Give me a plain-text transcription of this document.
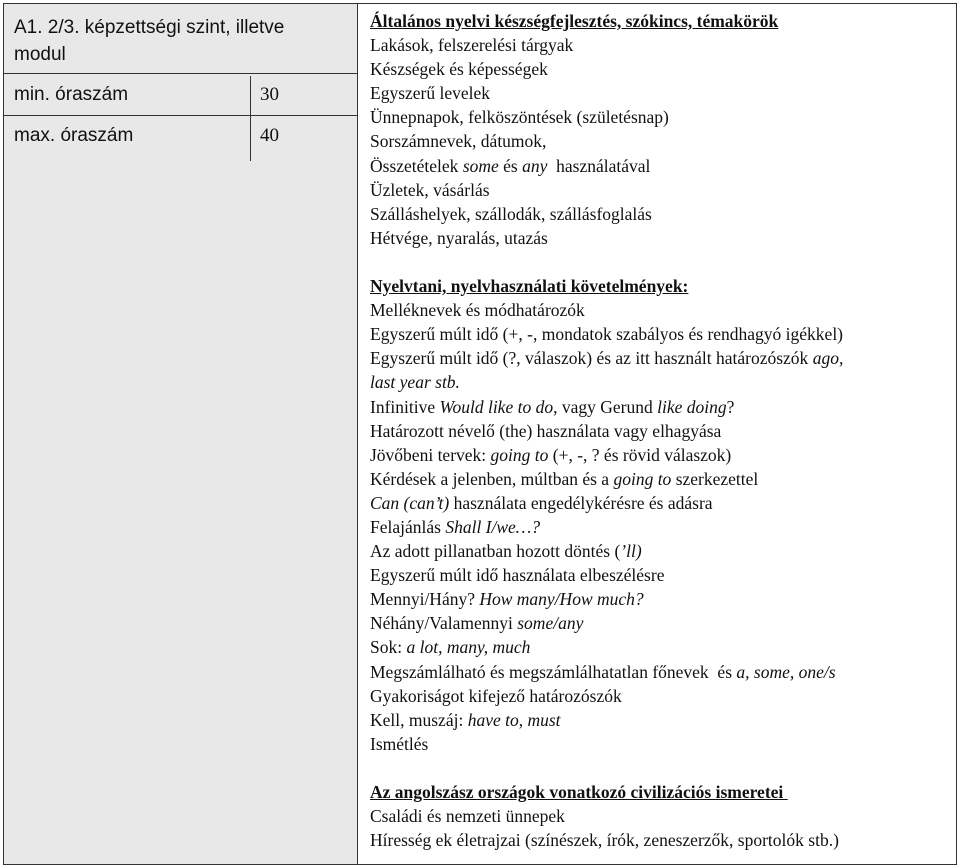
A1. 2/3. képzettségi szint, illetve modul
min. óraszám	30
max. óraszám	40

Általános nyelvi készségfejlesztés, szókincs, témakörök

Lakások, felszerelési tárgyak

Készségek és képességek

Egyszerű levelek

Ünnepnapok, felköszöntések (születésnap)

Sorszámnevek, dátumok,

Összetételek some és any  használatával

Üzletek, vásárlás

Szálláshelyek, szállodák, szállásfoglalás

Hétvége, nyaralás, utazás

Nyelvtani, nyelvhasználati követelmények:

Melléknevek és módhatározók

Egyszerű múlt idő (+, -, mondatok szabályos és rendhagyó igékkel)

Egyszerű múlt idő (?, válaszok) és az itt használt határozószók ago,

last year stb.

Infinitive Would like to do, vagy Gerund like doing?

Határozott névelő (the) használata vagy elhagyása

Jövőbeni tervek: going to (+, -, ? és rövid válaszok)

Kérdések a jelenben, múltban és a going to szerkezettel

Can (can’t) használata engedélykérésre és adásra

Felajánlás Shall I/we…?

Az adott pillanatban hozott döntés (’ll)

Egyszerű múlt idő használata elbeszélésre

Mennyi/Hány? How many/How much?

Néhány/Valamennyi some/any

Sok: a lot, many, much

Megszámlálható és megszámlálhatatlan főnevek  és a, some, one/s

Gyakoriságot kifejező határozószók

Kell, muszáj: have to, must

Ismétlés

Az angolszász országok vonatkozó civilizációs ismeretei

Családi és nemzeti ünnepek

Híresség ek életrajzai (színészek, írók, zeneszerzők, sportolók stb.)
